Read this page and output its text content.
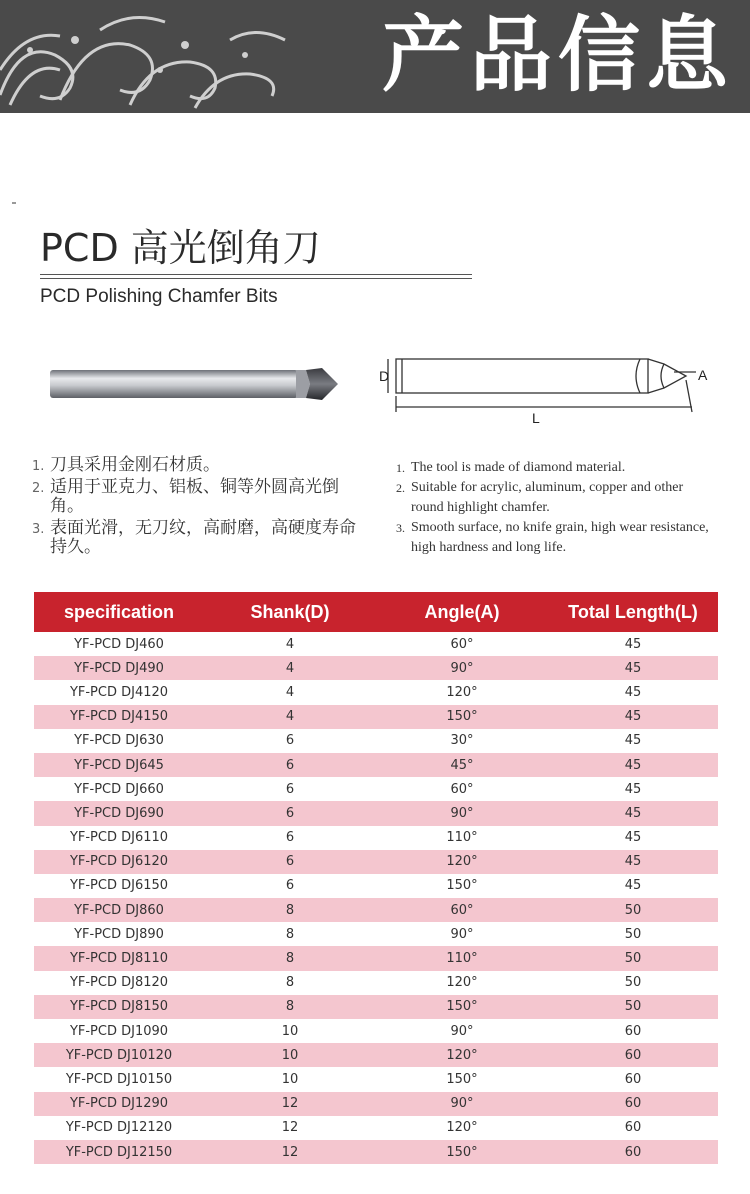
产品信息
PCD 高光倒角刀
PCD Polishing Chamfer Bits
D	A
L
1. 刀具采用金刚石材质。
2. 适用于亚克力、铝板、铜等外圆高光倒角。
3. 表面光滑，无刀纹，高耐磨，高硬度寿命持久。
1. The tool is made of diamond material.
2. Suitable for acrylic, aluminum, copper and other round highlight chamfer.
3. Smooth surface, no knife grain, high wear resistance, high hardness and long life.
specification	Shank(D)	Angle(A)	Total Length(L)
YF-PCD DJ460	4	60°	45
YF-PCD DJ490	4	90°	45
YF-PCD DJ4120	4	120°	45
YF-PCD DJ4150	4	150°	45
YF-PCD DJ630	6	30°	45
YF-PCD DJ645	6	45°	45
YF-PCD DJ660	6	60°	45
YF-PCD DJ690	6	90°	45
YF-PCD DJ6110	6	110°	45
YF-PCD DJ6120	6	120°	45
YF-PCD DJ6150	6	150°	45
YF-PCD DJ860	8	60°	50
YF-PCD DJ890	8	90°	50
YF-PCD DJ8110	8	110°	50
YF-PCD DJ8120	8	120°	50
YF-PCD DJ8150	8	150°	50
YF-PCD DJ1090	10	90°	60
YF-PCD DJ10120	10	120°	60
YF-PCD DJ10150	10	150°	60
YF-PCD DJ1290	12	90°	60
YF-PCD DJ12120	12	120°	60
YF-PCD DJ12150	12	150°	60
